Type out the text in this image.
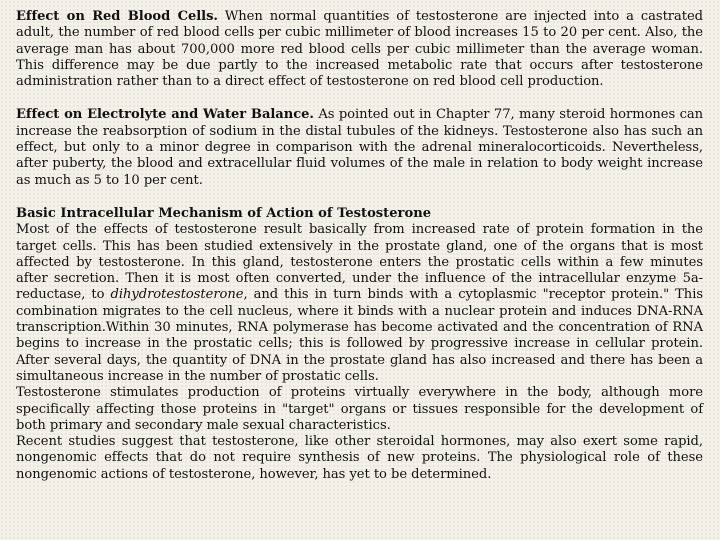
Effect on Red Blood Cells. When normal quantities of testosterone are injected into a castrated adult, the number of red blood cells per cubic millimeter of blood increases 15 to 20 per cent. Also, the average man has about 700,000 more red blood cells per cubic millimeter than the average woman. This difference may be due partly to the increased metabolic rate that occurs after testosterone administration rather than to a direct effect of testosterone on red blood cell production.

Effect on Electrolyte and Water Balance. As pointed out in Chapter 77, many steroid hormones can increase the reabsorption of sodium in the distal tubules of the kidneys. Testosterone also has such an effect, but only to a minor degree in comparison with the adrenal mineralocorticoids. Nevertheless, after puberty, the blood and extracellular fluid volumes of the male in relation to body weight increase as much as 5 to 10 per cent.

Basic Intracellular Mechanism of Action of Testosterone

Most of the effects of testosterone result basically from increased rate of protein formation in the target cells. This has been studied extensively in the prostate gland, one of the organs that is most affected by testosterone. In this gland, testosterone enters the prostatic cells within a few minutes after secretion. Then it is most often converted, under the influence of the intracellular enzyme 5a-reductase, to dihydrotestosterone, and this in turn binds with a cytoplasmic "receptor protein." This combination migrates to the cell nucleus, where it binds with a nuclear protein and induces DNA-RNA transcription.Within 30 minutes, RNA polymerase has become activated and the concentration of RNA begins to increase in the prostatic cells; this is followed by progressive increase in cellular protein. After several days, the quantity of DNA in the prostate gland has also increased and there has been a simultaneous increase in the number of prostatic cells.

Testosterone stimulates production of proteins virtually everywhere in the body, although more specifically affecting those proteins in "target" organs or tissues responsible for the development of both primary and secondary male sexual characteristics.

Recent studies suggest that testosterone, like other steroidal hormones, may also exert some rapid, nongenomic effects that do not require synthesis of new proteins. The physiological role of these nongenomic actions of testosterone, however, has yet to be determined.
